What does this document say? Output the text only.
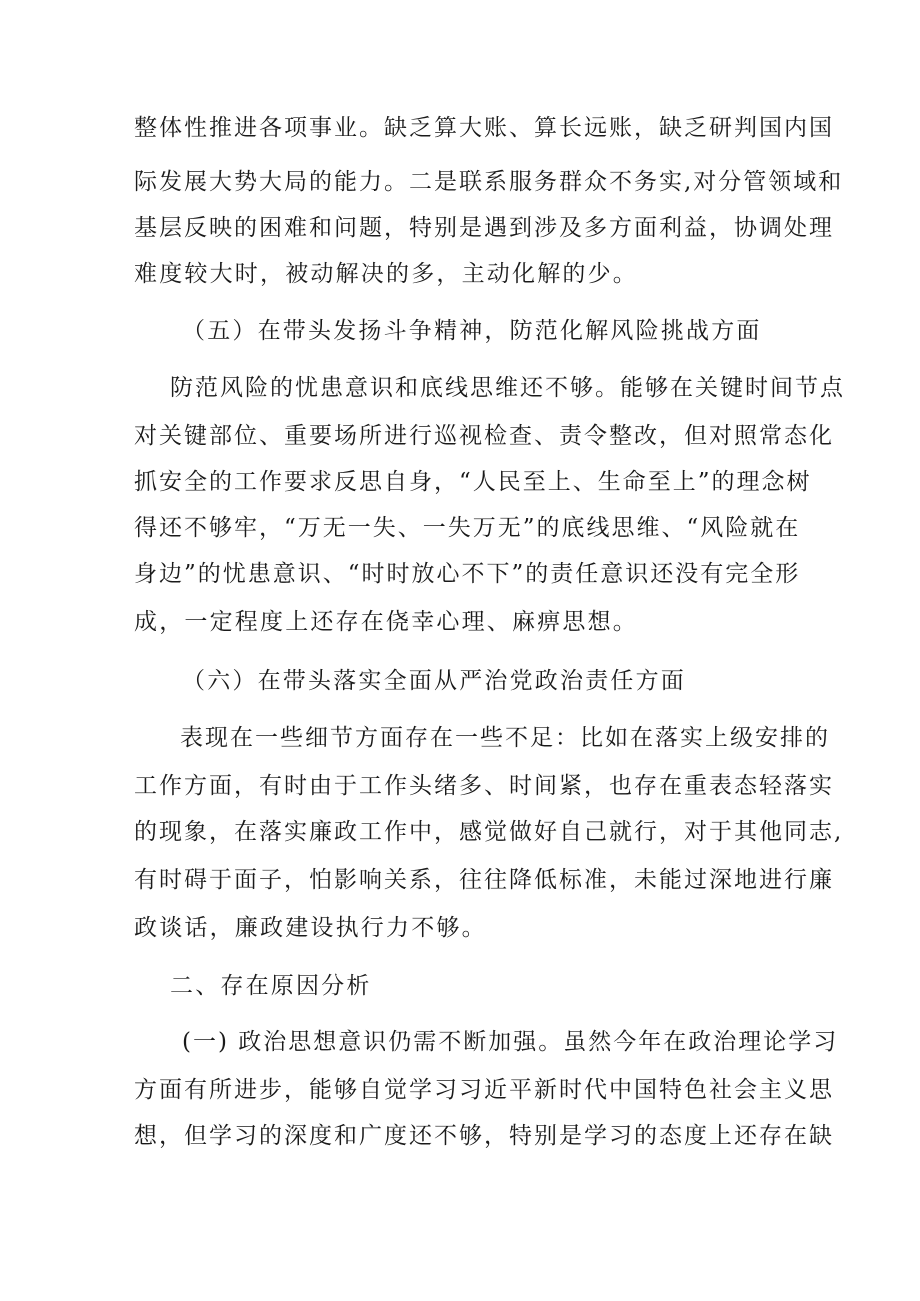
整体性推进各项事业。缺乏算大账、算长远账，缺乏研判国内国
际发展大势大局的能力。二是联系服务群众不务实,对分管领域和
基层反映的困难和问题，特别是遇到涉及多方面利益，协调处理
难度较大时，被动解决的多，主动化解的少。
（五）在带头发扬斗争精神，防范化解风险挑战方面
防范风险的忧患意识和底线思维还不够。能够在关键时间节点
对关键部位、重要场所进行巡视检查、责令整改，但对照常态化
抓安全的工作要求反思自身，“人民至上、生命至上”的理念树
得还不够牢，“万无一失、一失万无”的底线思维、“风险就在
身边”的忧患意识、“时时放心不下”的责任意识还没有完全形
成，一定程度上还存在侥幸心理、麻痹思想。
（六）在带头落实全面从严治党政治责任方面
表现在一些细节方面存在一些不足：比如在落实上级安排的
工作方面，有时由于工作头绪多、时间紧，也存在重表态轻落实
的现象，在落实廉政工作中，感觉做好自己就行，对于其他同志,
有时碍于面子，怕影响关系，往往降低标准，未能过深地进行廉
政谈话，廉政建设执行力不够。
二、存在原因分析
(一) 政治思想意识仍需不断加强。虽然今年在政治理论学习
方面有所进步，能够自觉学习习近平新时代中国特色社会主义思
想，但学习的深度和广度还不够，特别是学习的态度上还存在缺
